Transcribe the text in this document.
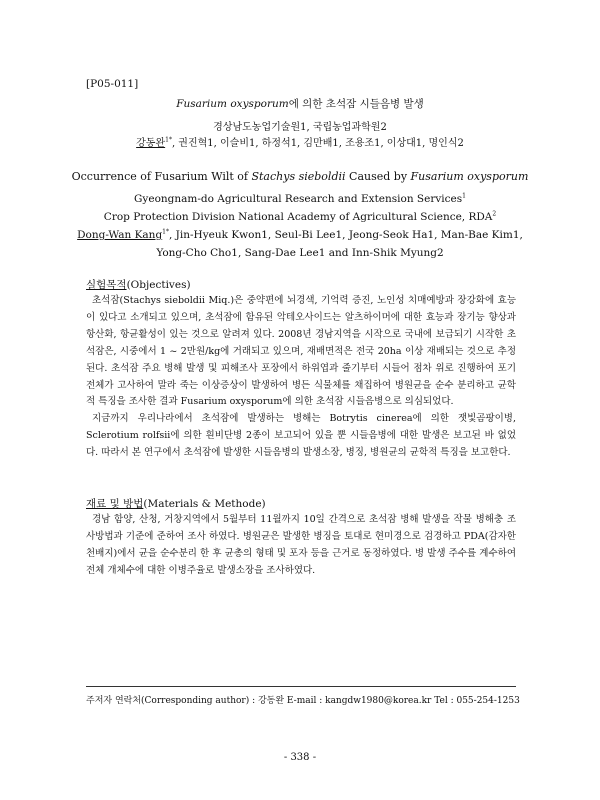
[P05-011]
Fusarium oxysporum에 의한 초석잠 시들음병 발생
경상남도농업기술원1, 국립농업과학원2
강동완$^{1*}$, 권진혁1, 이슬비1, 하정석1, 김만배1, 조용조1, 이상대1, 명인식2
Occurrence of Fusarium Wilt of Stachys sieboldii Caused by Fusarium oxysporum
Gyeongnam-do Agricultural Research and Extension Services$^1$
Crop Protection Division National Academy of Agricultural Science, RDA$^2$
Dong-Wan Kang$^{1*}$, Jin-Hyeuk Kwon1, Seul-Bi Lee1, Jeong-Seok Ha1, Man-Bae Kim1,
Yong-Cho Cho1, Sang-Dae Lee1 and Inn-Shik Myung2
실험목적(Objectives)

초석잠(Stachys sieboldii Miq.)은 중약편에 뇌경색, 기억력 증진, 노인성 치매예방과 장강화에 효능이 있다고 소개되고 있으며, 초석잠에 함유된 악테오사이드는 알츠하이머에 대한 효능과 장기능 향상과 항산화, 항균활성이 있는 것으로 알려져 있다. 2008년 경남지역을 시작으로 국내에 보급되기 시작한 초석잠은, 시중에서 1 ~ 2만원/kg에 거래되고 있으며, 재배면적은 전국 20ha 이상 재배되는 것으로 추정된다. 초석잠 주요 병해 발생 및 피해조사 포장에서 하위엽과 줄기부터 시들어 점차 위로 진행하여 포기 전체가 고사하여 말라 죽는 이상증상이 발생하여 병든 식물체를 채집하여 병원균을 순수 분리하고 균학적 특징을 조사한 결과 Fusarium oxysporum에 의한 초석잠 시들음병으로 의심되었다.

지금까지 우리나라에서 초석잠에 발생하는 병해는 Botrytis cinerea에 의한 잿빛곰팡이병, Sclerotium rolfsii에 의한 흰비단병 2종이 보고되어 있을 뿐 시들음병에 대한 발생은 보고된 바 없었다. 따라서 본 연구에서 초석잠에 발생한 시들음병의 발생소장, 병징, 병원균의 균학적 특징을 보고한다.

재료 및 방법(Materials & Methode)

경남 함양, 산청, 거창지역에서 5월부터 11월까지 10일 간격으로 초석잠 병해 발생을 작물 병해충 조사방법과 기준에 준하여 조사 하였다. 병원균은 발생한 병징을 토대로 현미경으로 검경하고 PDA(감자한천배지)에서 균을 순수분리 한 후 균총의 형태 및 포자 등을 근거로 동정하였다. 병 발생 주수를 계수하여 전체 개체수에 대한 이병주율로 발생소장을 조사하였다.

주저자 연락처(Corresponding author) : 강동완 E-mail : kangdw1980@korea.kr Tel : 055-254-1253
- 338 -
